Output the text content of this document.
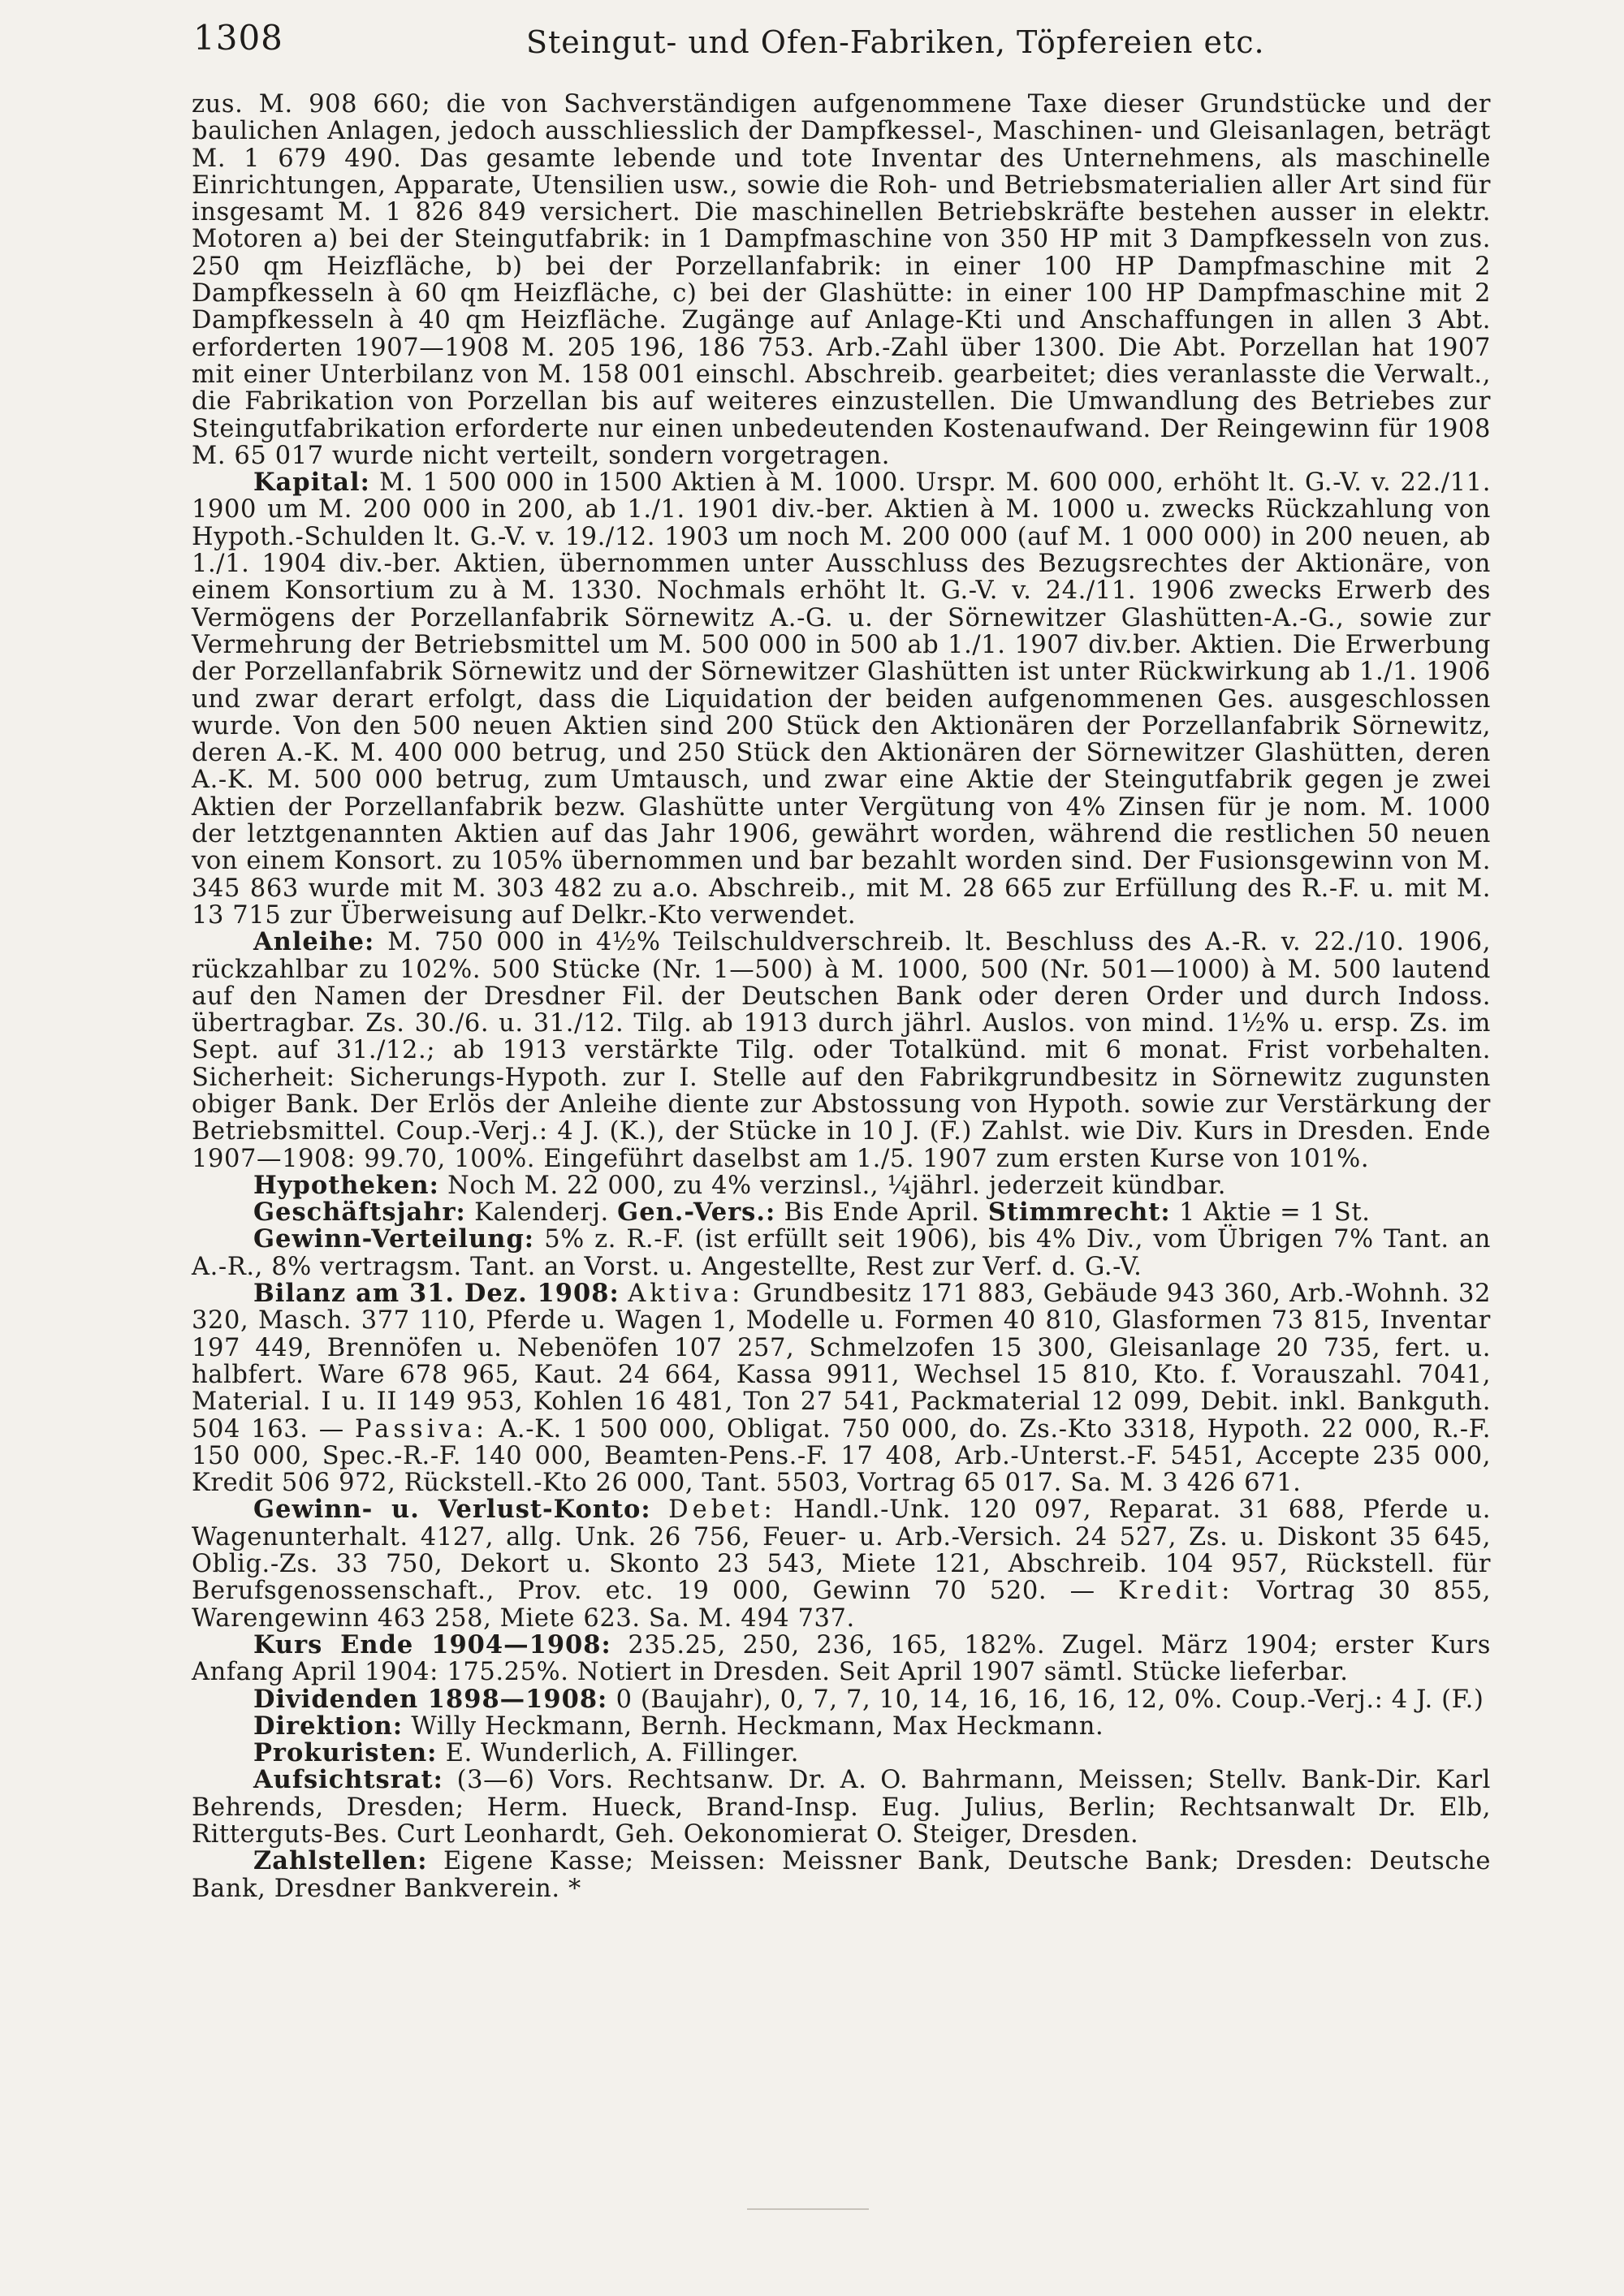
1308	Steingut- und Ofen-Fabriken, Töpfereien etc.

zus. M. 908 660; die von Sachverständigen aufgenommene Taxe dieser Grundstücke und der baulichen Anlagen, jedoch ausschliesslich der Dampfkessel-, Maschinen- und Gleisanlagen, beträgt M. 1 679 490. Das gesamte lebende und tote Inventar des Unternehmens, als maschinelle Einrichtungen, Apparate, Utensilien usw., sowie die Roh- und Betriebsmaterialien aller Art sind für insgesamt M. 1 826 849 versichert. Die maschinellen Betriebskräfte bestehen ausser in elektr. Motoren a) bei der Steingutfabrik: in 1 Dampfmaschine von 350 HP mit 3 Dampfkesseln von zus. 250 qm Heizfläche, b) bei der Porzellanfabrik: in einer 100 HP Dampfmaschine mit 2 Dampfkesseln à 60 qm Heizfläche, c) bei der Glashütte: in einer 100 HP Dampfmaschine mit 2 Dampfkesseln à 40 qm Heizfläche. Zugänge auf Anlage-Kti und Anschaffungen in allen 3 Abt. erforderten 1907—1908 M. 205 196, 186 753. Arb.-Zahl über 1300. Die Abt. Porzellan hat 1907 mit einer Unterbilanz von M. 158 001 einschl. Abschreib. gearbeitet; dies veranlasste die Verwalt., die Fabrikation von Porzellan bis auf weiteres einzustellen. Die Umwandlung des Betriebes zur Steingutfabrikation erforderte nur einen unbedeutenden Kostenaufwand. Der Reingewinn für 1908 M. 65 017 wurde nicht verteilt, sondern vorgetragen.

Kapital: M. 1 500 000 in 1500 Aktien à M. 1000. Urspr. M. 600 000, erhöht lt. G.-V. v. 22./11. 1900 um M. 200 000 in 200, ab 1./1. 1901 div.-ber. Aktien à M. 1000 u. zwecks Rückzahlung von Hypoth.-Schulden lt. G.-V. v. 19./12. 1903 um noch M. 200 000 (auf M. 1 000 000) in 200 neuen, ab 1./1. 1904 div.-ber. Aktien, übernommen unter Ausschluss des Bezugsrechtes der Aktionäre, von einem Konsortium zu à M. 1330. Nochmals erhöht lt. G.-V. v. 24./11. 1906 zwecks Erwerb des Vermögens der Porzellanfabrik Sörnewitz A.-G. u. der Sörnewitzer Glashütten-A.-G., sowie zur Vermehrung der Betriebsmittel um M. 500 000 in 500 ab 1./1. 1907 div.ber. Aktien. Die Erwerbung der Porzellanfabrik Sörnewitz und der Sörnewitzer Glashütten ist unter Rückwirkung ab 1./1. 1906 und zwar derart erfolgt, dass die Liquidation der beiden aufgenommenen Ges. ausgeschlossen wurde. Von den 500 neuen Aktien sind 200 Stück den Aktionären der Porzellanfabrik Sörnewitz, deren A.-K. M. 400 000 betrug, und 250 Stück den Aktionären der Sörnewitzer Glashütten, deren A.-K. M. 500 000 betrug, zum Umtausch, und zwar eine Aktie der Steingutfabrik gegen je zwei Aktien der Porzellanfabrik bezw. Glashütte unter Vergütung von 4% Zinsen für je nom. M. 1000 der letztgenannten Aktien auf das Jahr 1906, gewährt worden, während die restlichen 50 neuen von einem Konsort. zu 105% übernommen und bar bezahlt worden sind. Der Fusionsgewinn von M. 345 863 wurde mit M. 303 482 zu a.o. Abschreib., mit M. 28 665 zur Erfüllung des R.-F. u. mit M. 13 715 zur Überweisung auf Delkr.-Kto verwendet.

Anleihe: M. 750 000 in 4½% Teilschuldverschreib. lt. Beschluss des A.-R. v. 22./10. 1906, rückzahlbar zu 102%. 500 Stücke (Nr. 1—500) à M. 1000, 500 (Nr. 501—1000) à M. 500 lautend auf den Namen der Dresdner Fil. der Deutschen Bank oder deren Order und durch Indoss. übertragbar. Zs. 30./6. u. 31./12. Tilg. ab 1913 durch jährl. Auslos. von mind. 1½% u. ersp. Zs. im Sept. auf 31./12.; ab 1913 verstärkte Tilg. oder Totalkünd. mit 6 monat. Frist vorbehalten. Sicherheit: Sicherungs-Hypoth. zur I. Stelle auf den Fabrikgrundbesitz in Sörnewitz zugunsten obiger Bank. Der Erlös der Anleihe diente zur Abstossung von Hypoth. sowie zur Verstärkung der Betriebsmittel. Coup.-Verj.: 4 J. (K.), der Stücke in 10 J. (F.) Zahlst. wie Div. Kurs in Dresden. Ende 1907—1908: 99.70, 100%. Eingeführt daselbst am 1./5. 1907 zum ersten Kurse von 101%.

Hypotheken: Noch M. 22 000, zu 4% verzinsl., ¼jährl. jederzeit kündbar.

Geschäftsjahr: Kalenderj. Gen.-Vers.: Bis Ende April. Stimmrecht: 1 Aktie = 1 St.

Gewinn-Verteilung: 5% z. R.-F. (ist erfüllt seit 1906), bis 4% Div., vom Übrigen 7% Tant. an A.-R., 8% vertragsm. Tant. an Vorst. u. Angestellte, Rest zur Verf. d. G.-V.

Bilanz am 31. Dez. 1908: Aktiva: Grundbesitz 171 883, Gebäude 943 360, Arb.-Wohnh. 32 320, Masch. 377 110, Pferde u. Wagen 1, Modelle u. Formen 40 810, Glasformen 73 815, Inventar 197 449, Brennöfen u. Nebenöfen 107 257, Schmelzofen 15 300, Gleisanlage 20 735, fert. u. halbfert. Ware 678 965, Kaut. 24 664, Kassa 9911, Wechsel 15 810, Kto. f. Vorauszahl. 7041, Material. I u. II 149 953, Kohlen 16 481, Ton 27 541, Packmaterial 12 099, Debit. inkl. Bankguth. 504 163. — Passiva: A.-K. 1 500 000, Obligat. 750 000, do. Zs.-Kto 3318, Hypoth. 22 000, R.-F. 150 000, Spec.-R.-F. 140 000, Beamten-Pens.-F. 17 408, Arb.-Unterst.-F. 5451, Accepte 235 000, Kredit 506 972, Rückstell.-Kto 26 000, Tant. 5503, Vortrag 65 017. Sa. M. 3 426 671.

Gewinn- u. Verlust-Konto: Debet: Handl.-Unk. 120 097, Reparat. 31 688, Pferde u. Wagenunterhalt. 4127, allg. Unk. 26 756, Feuer- u. Arb.-Versich. 24 527, Zs. u. Diskont 35 645, Oblig.-Zs. 33 750, Dekort u. Skonto 23 543, Miete 121, Abschreib. 104 957, Rückstell. für Berufsgenossenschaft., Prov. etc. 19 000, Gewinn 70 520. — Kredit: Vortrag 30 855, Warengewinn 463 258, Miete 623. Sa. M. 494 737.

Kurs Ende 1904—1908: 235.25, 250, 236, 165, 182%. Zugel. März 1904; erster Kurs Anfang April 1904: 175.25%. Notiert in Dresden. Seit April 1907 sämtl. Stücke lieferbar.

Dividenden 1898—1908: 0 (Baujahr), 0, 7, 7, 10, 14, 16, 16, 16, 12, 0%. Coup.-Verj.: 4 J. (F.)

Direktion: Willy Heckmann, Bernh. Heckmann, Max Heckmann.

Prokuristen: E. Wunderlich, A. Fillinger.

Aufsichtsrat: (3—6) Vors. Rechtsanw. Dr. A. O. Bahrmann, Meissen; Stellv. Bank-Dir. Karl Behrends, Dresden; Herm. Hueck, Brand-Insp. Eug. Julius, Berlin; Rechtsanwalt Dr. Elb, Ritterguts-Bes. Curt Leonhardt, Geh. Oekonomierat O. Steiger, Dresden.

Zahlstellen: Eigene Kasse; Meissen: Meissner Bank, Deutsche Bank; Dresden: Deutsche Bank, Dresdner Bankverein. *
